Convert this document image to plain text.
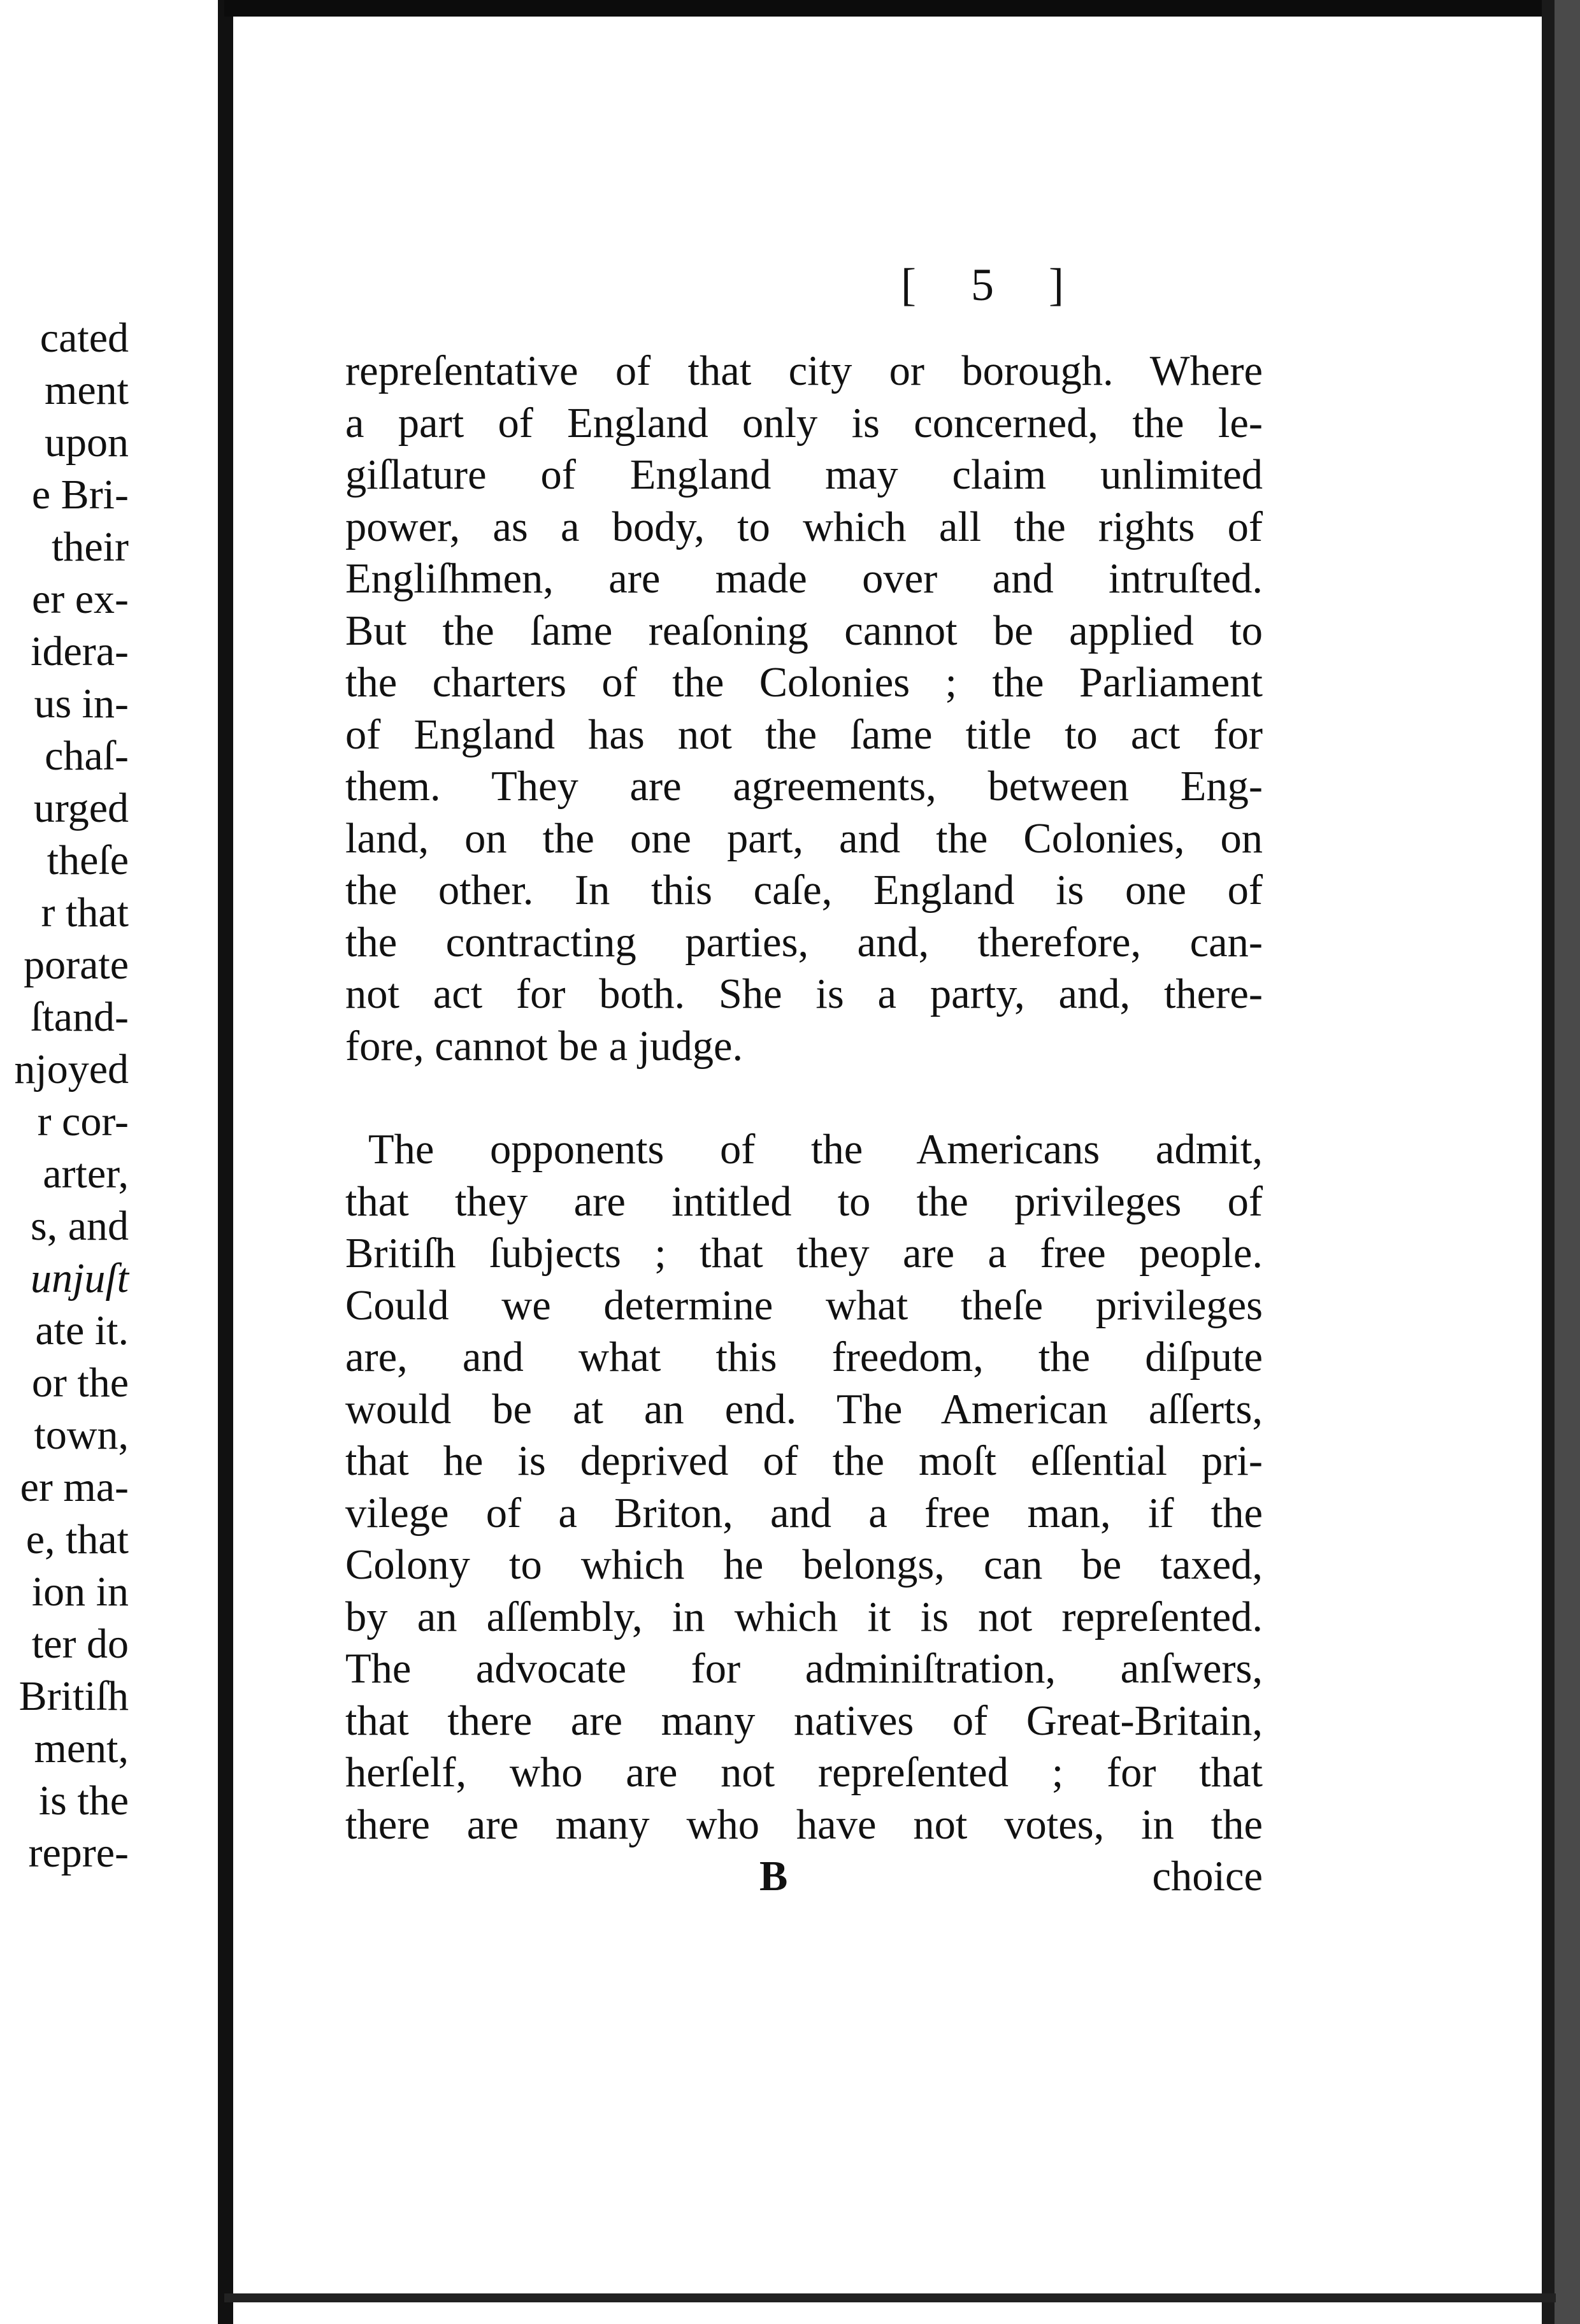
cated
ment
upon
e Bri-
their
er ex-
idera-
us in-
chaſ-
urged
theſe
r that
porate
ſtand-
njoyed
r cor-
arter,
s, and
unjuſt
ate it.
or the
town,
er ma-
e, that
ion in
ter do
Britiſh
ment,
is the
repre-
[ 5 ]
repreſentative of that city or borough. Where
a part of England only is concerned, the le-
giſlature of England may claim unlimited
power, as a body, to which all the rights of
Engliſhmen, are made over and intruſted.
But the ſame reaſoning cannot be applied to
the charters of the Colonies ; the Parliament
of England has not the ſame title to act for
them. They are agreements, between Eng-
land, on the one part, and the Colonies, on
the other. In this caſe, England is one of
the contracting parties, and, therefore, can-
not act for both. She is a party, and, there-
fore, cannot be a judge.
The opponents of the Americans admit,
that they are intitled to the privileges of
Britiſh ſubjects ; that they are a free people.
Could we determine what theſe privileges
are, and what this freedom, the diſpute
would be at an end. The American aſſerts,
that he is deprived of the moſt eſſential pri-
vilege of a Briton, and a free man, if the
Colony to which he belongs, can be taxed,
by an aſſembly, in which it is not repreſented.
The advocate for adminiſtration, anſwers,
that there are many natives of Great-Britain,
herſelf, who are not repreſented ; for that
there are many who have not votes, in the
B	choice
